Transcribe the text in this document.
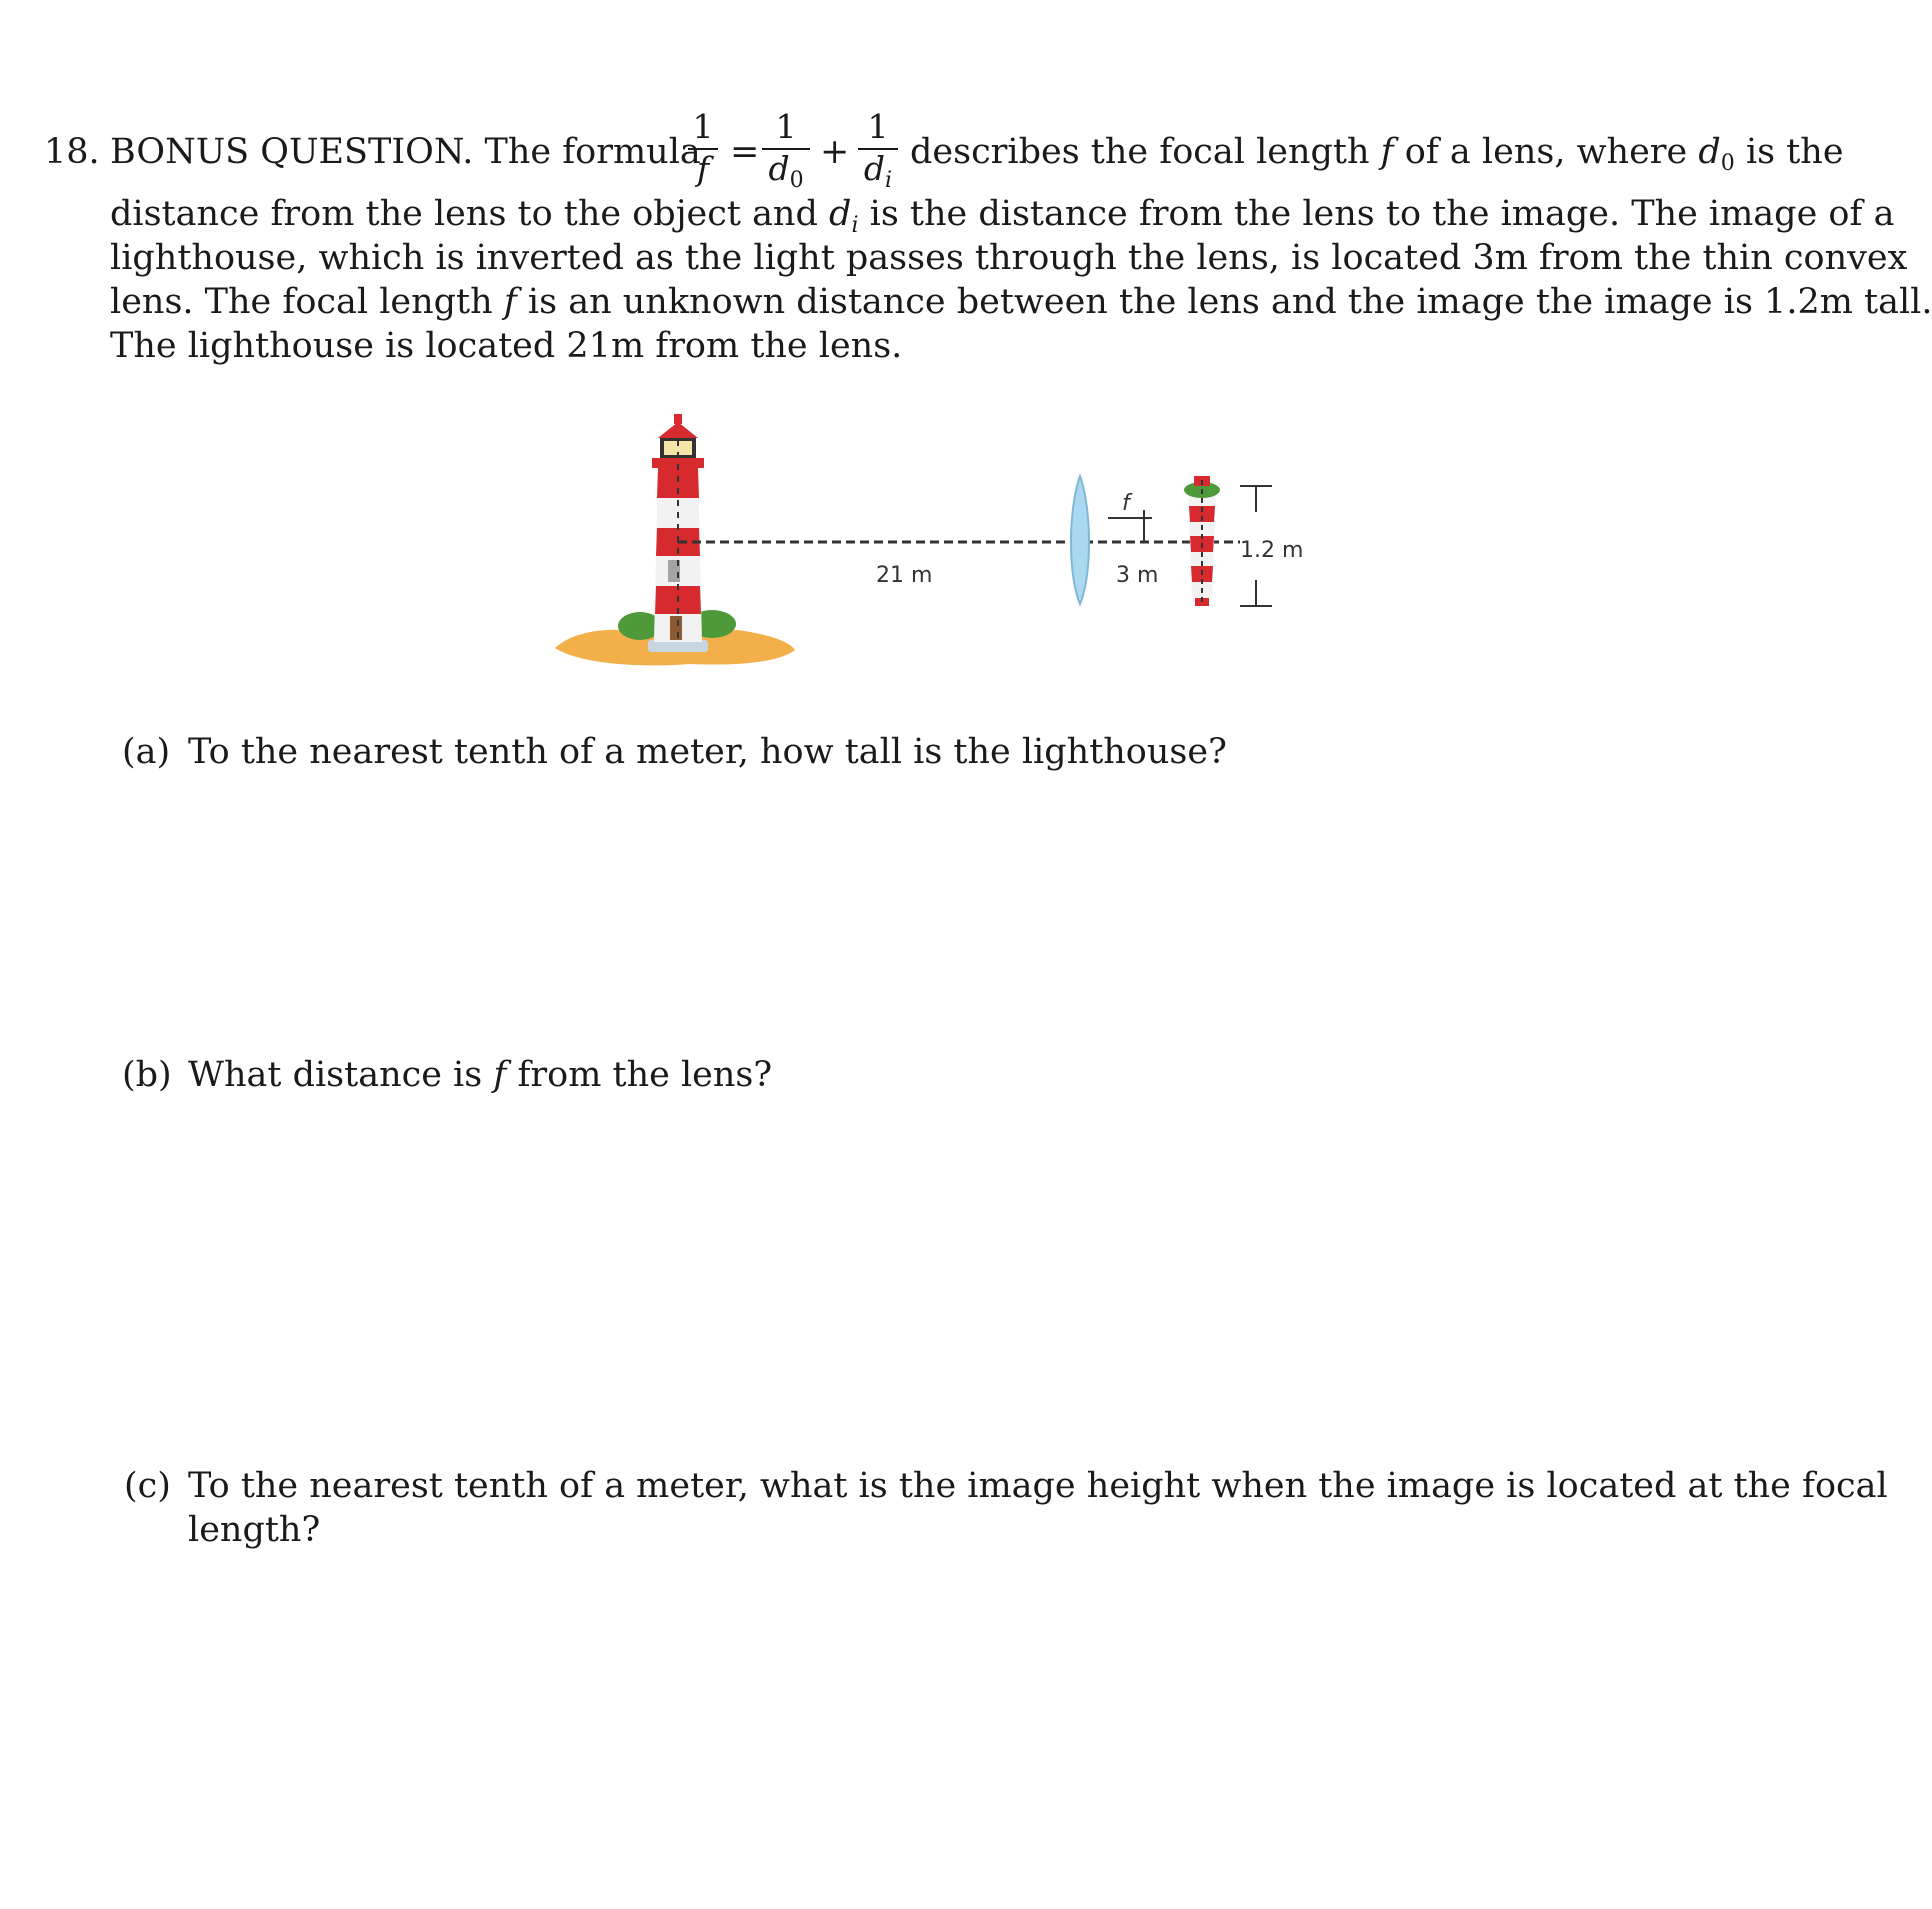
18. BONUS QUESTION. The formula
1
f =
1
$d_0$
+
1
$d_i$
describes the focal length f of a lens, where $d_0$ is the
distance from the lens to the object and $d_i$ is the distance from the lens to the image. The image of a
lighthouse, which is inverted as the light passes through the lens, is located 3m from the thin convex
lens. The focal length f is an unknown distance between the lens and the image the image is 1.2m tall.
The lighthouse is located 21m from the lens.
21 m
f
3 m
1.2 m
(a) To the nearest tenth of a meter, how tall is the lighthouse?
(b) What distance is f from the lens?
(c) To the nearest tenth of a meter, what is the image height when the image is located at the focal
length?
